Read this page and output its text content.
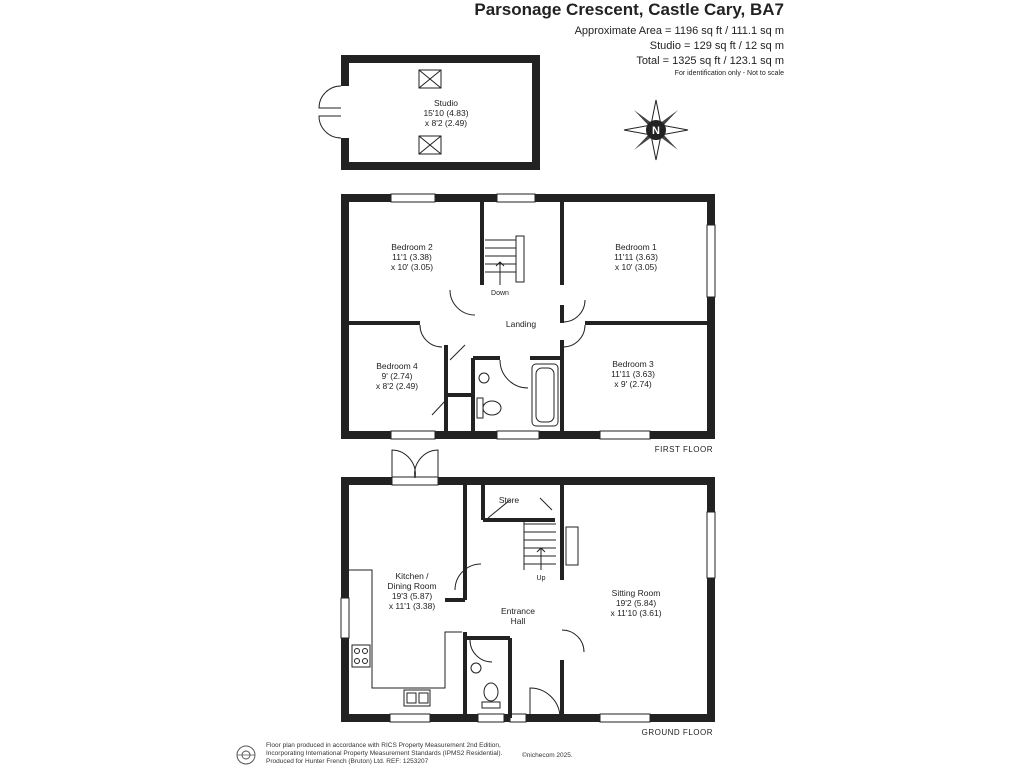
Parsonage Crescent, Castle Cary, BA7
Approximate Area = 1196 sq ft / 111.1 sq m
Studio = 129 sq ft / 12 sq m
Total = 1325 sq ft / 123.1 sq m
For identification only - Not to scale
N
Studio
15'10 (4.83)
x 8'2 (2.49)
Bedroom 2
11'1 (3.38)
x 10' (3.05)
Bedroom 1
11'11 (3.63)
x 10' (3.05)
Bedroom 4
9' (2.74)
x 8'2 (2.49)
Bedroom 3
11'11 (3.63)
x 9' (2.74)
Landing
Down
FIRST FLOOR
Kitchen /
Dining Room
19'3 (5.87)
x 11'1 (3.38)
Sitting Room
19'2 (5.84)
x 11'10 (3.61)
Entrance
Hall
Store
Up
GROUND FLOOR
Floor plan produced in accordance with RICS Property Measurement 2nd Edition,
Incorporating International Property Measurement Standards (IPMS2 Residential).
Produced for Hunter French (Bruton) Ltd. REF: 1253207
©nichecom 2025.
